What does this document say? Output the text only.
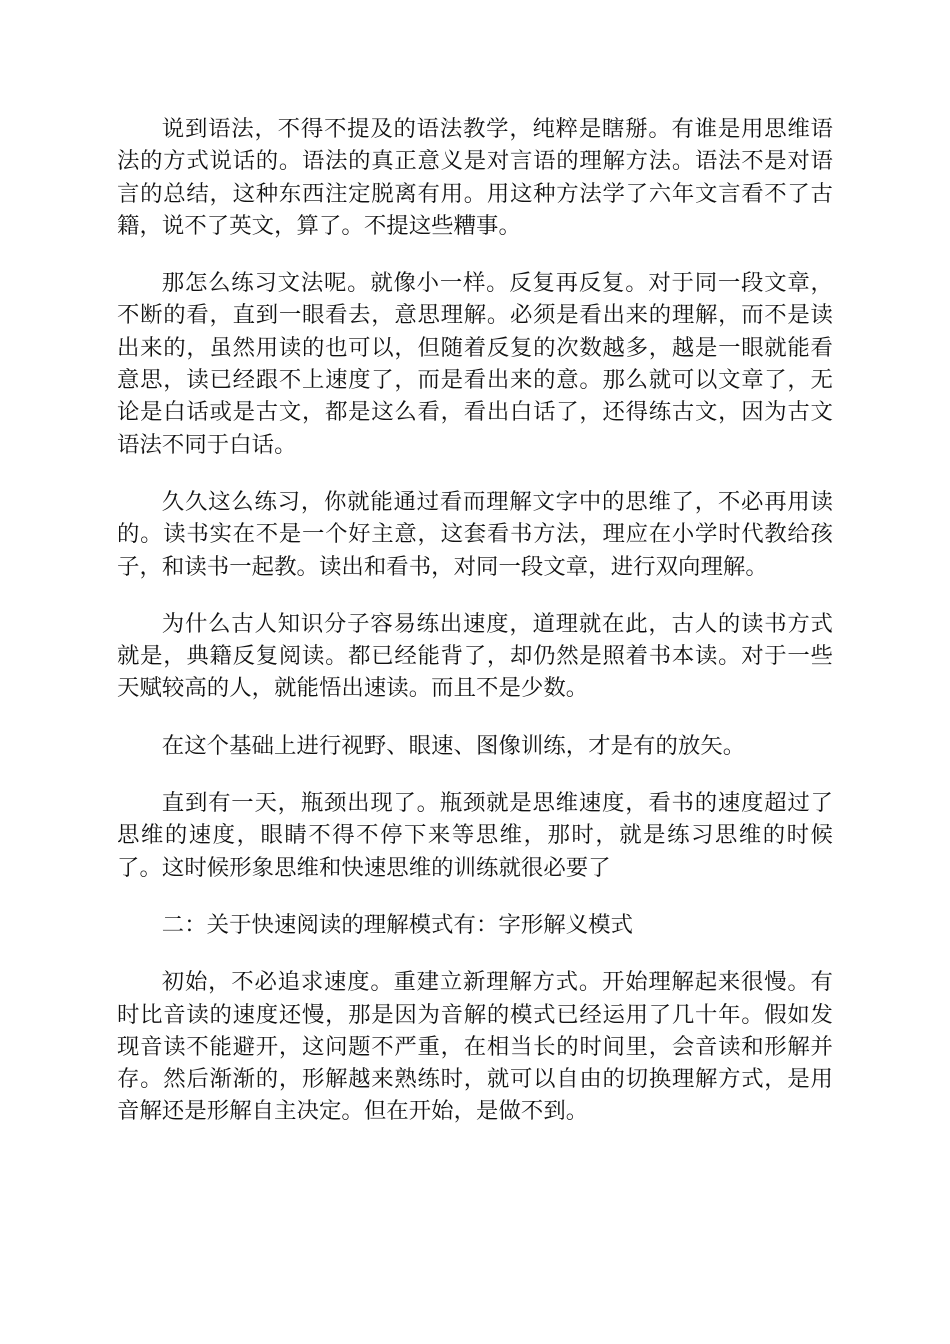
说到语法，不得不提及的语法教学，纯粹是瞎掰。有谁是用思维语法的方式说话的。语法的真正意义是对言语的理解方法。语法不是对语言的总结，这种东西注定脱离有用。用这种方法学了六年文言看不了古籍，说不了英文，算了。不提这些糟事。

那怎么练习文法呢。就像小一样。反复再反复。对于同一段文章，不断的看，直到一眼看去，意思理解。必须是看出来的理解，而不是读出来的，虽然用读的也可以，但随着反复的次数越多，越是一眼就能看意思，读已经跟不上速度了，而是看出来的意。那么就可以文章了，无论是白话或是古文，都是这么看，看出白话了，还得练古文，因为古文语法不同于白话。

久久这么练习，你就能通过看而理解文字中的思维了，不必再用读的。读书实在不是一个好主意，这套看书方法，理应在小学时代教给孩子，和读书一起教。读出和看书，对同一段文章，进行双向理解。

为什么古人知识分子容易练出速度，道理就在此，古人的读书方式就是，典籍反复阅读。都已经能背了，却仍然是照着书本读。对于一些天赋较高的人，就能悟出速读。而且不是少数。

在这个基础上进行视野、眼速、图像训练，才是有的放矢。

直到有一天，瓶颈出现了。瓶颈就是思维速度，看书的速度超过了思维的速度，眼睛不得不停下来等思维，那时，就是练习思维的时候了。这时候形象思维和快速思维的训练就很必要了

二：关于快速阅读的理解模式有：字形解义模式

初始，不必追求速度。重建立新理解方式。开始理解起来很慢。有时比音读的速度还慢，那是因为音解的模式已经运用了几十年。假如发现音读不能避开，这问题不严重，在相当长的时间里，会音读和形解并存。然后渐渐的，形解越来熟练时，就可以自由的切换理解方式，是用音解还是形解自主决定。但在开始，是做不到。
